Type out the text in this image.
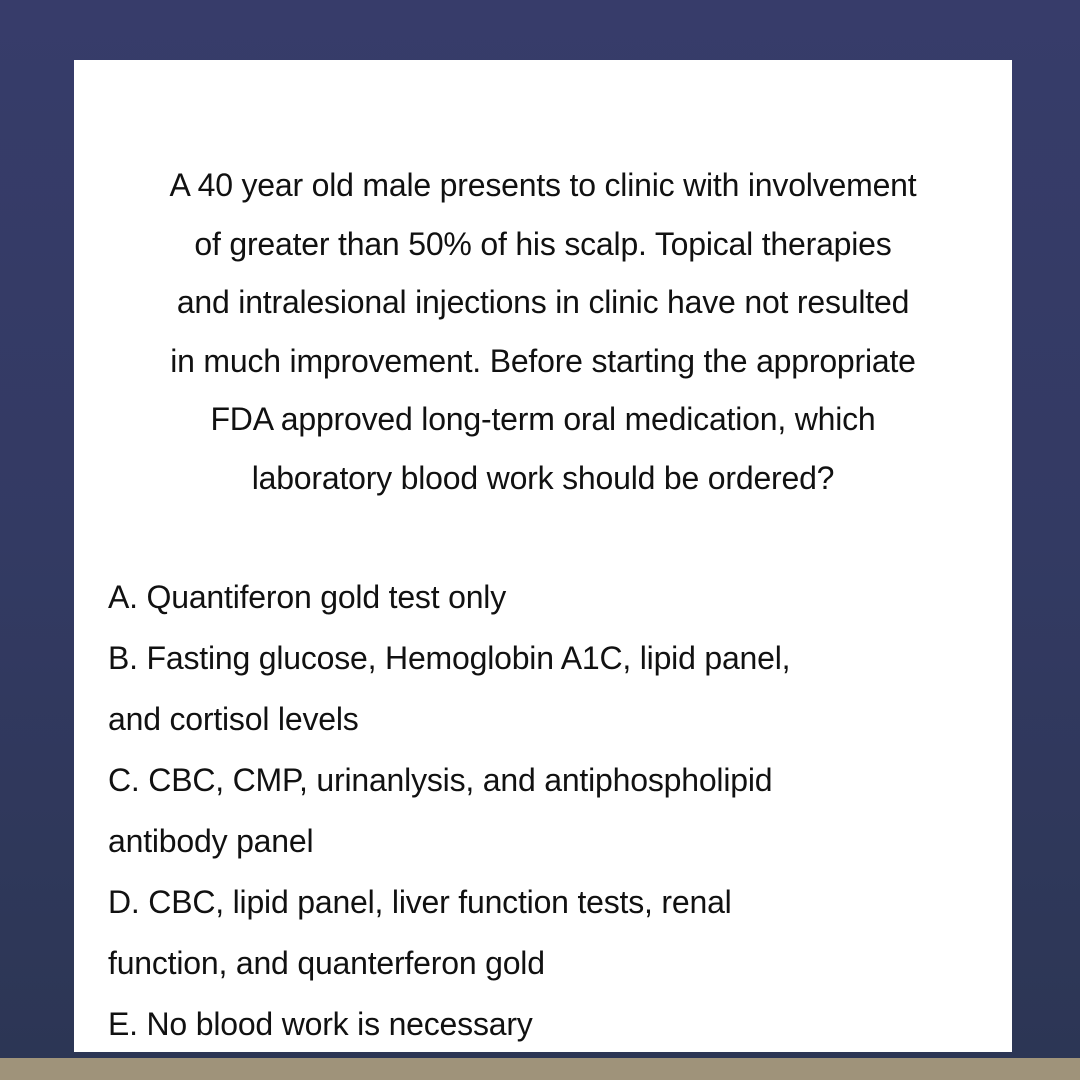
A 40 year old male presents to clinic with involvement
of greater than 50% of his scalp. Topical therapies
and intralesional injections in clinic have not resulted
in much improvement. Before starting the appropriate
FDA approved long-term oral medication, which
laboratory blood work should be ordered?

A. Quantiferon gold test only
B. Fasting glucose, Hemoglobin A1C, lipid panel,
and cortisol levels
C. CBC, CMP, urinanlysis, and antiphospholipid
antibody panel
D. CBC, lipid panel, liver function tests, renal
function, and quanterferon gold
E. No blood work is necessary
